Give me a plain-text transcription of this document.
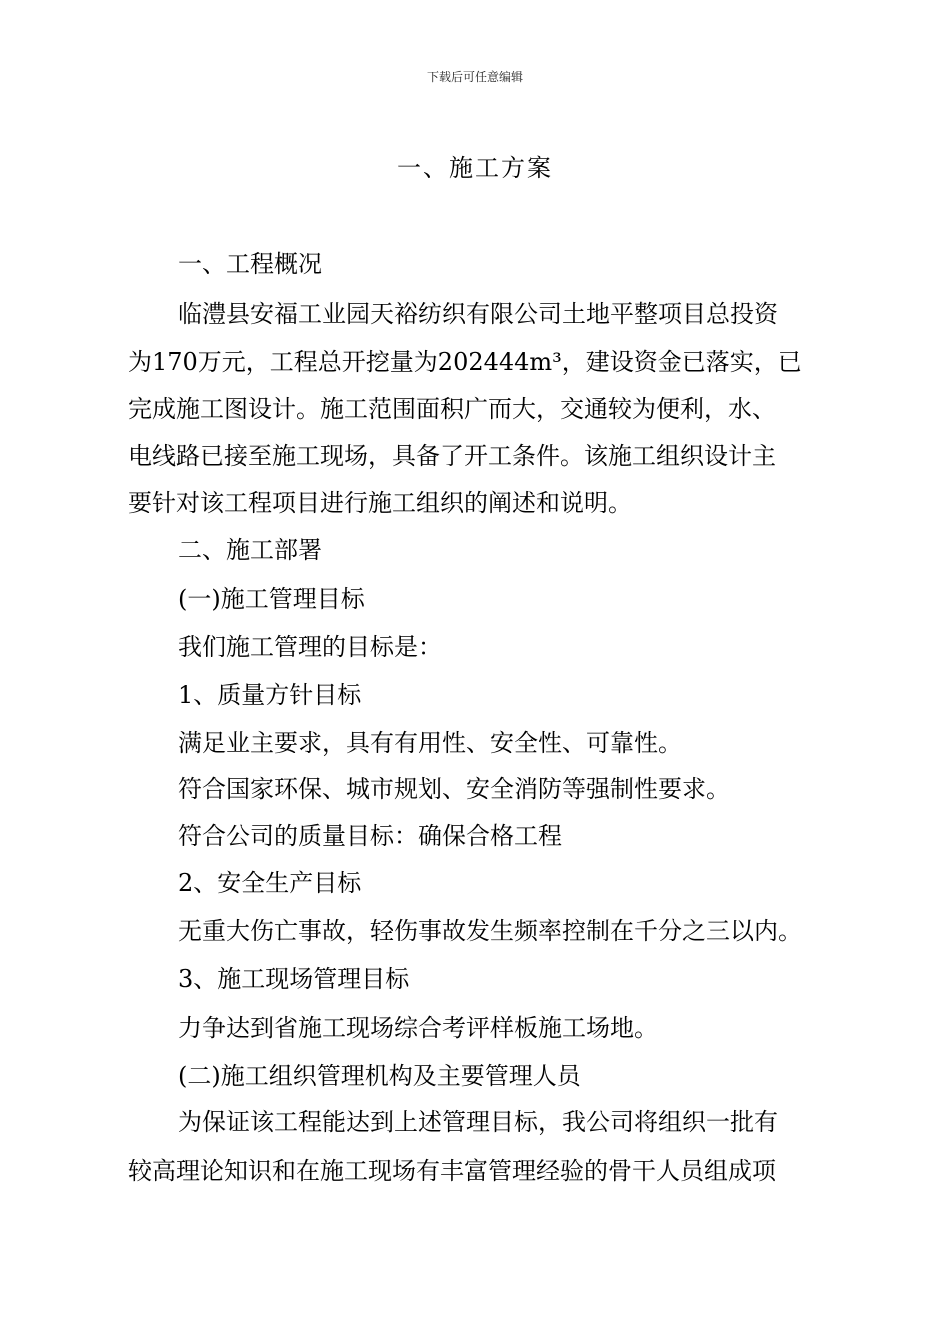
下载后可任意编辑
一、施工方案
一、工程概况
临澧县安福工业园天裕纺织有限公司土地平整项目总投资
为170万元，工程总开挖量为202444m³，建设资金已落实，已
完成施工图设计。施工范围面积广而大，交通较为便利，水、
电线路已接至施工现场，具备了开工条件。该施工组织设计主
要针对该工程项目进行施工组织的阐述和说明。
二、施工部署
(一)施工管理目标
我们施工管理的目标是：
1、质量方针目标
满足业主要求，具有有用性、安全性、可靠性。
符合国家环保、城市规划、安全消防等强制性要求。
符合公司的质量目标：确保合格工程
2、安全生产目标
无重大伤亡事故，轻伤事故发生频率控制在千分之三以内。
3、施工现场管理目标
力争达到省施工现场综合考评样板施工场地。
(二)施工组织管理机构及主要管理人员
为保证该工程能达到上述管理目标，我公司将组织一批有
较高理论知识和在施工现场有丰富管理经验的骨干人员组成项
